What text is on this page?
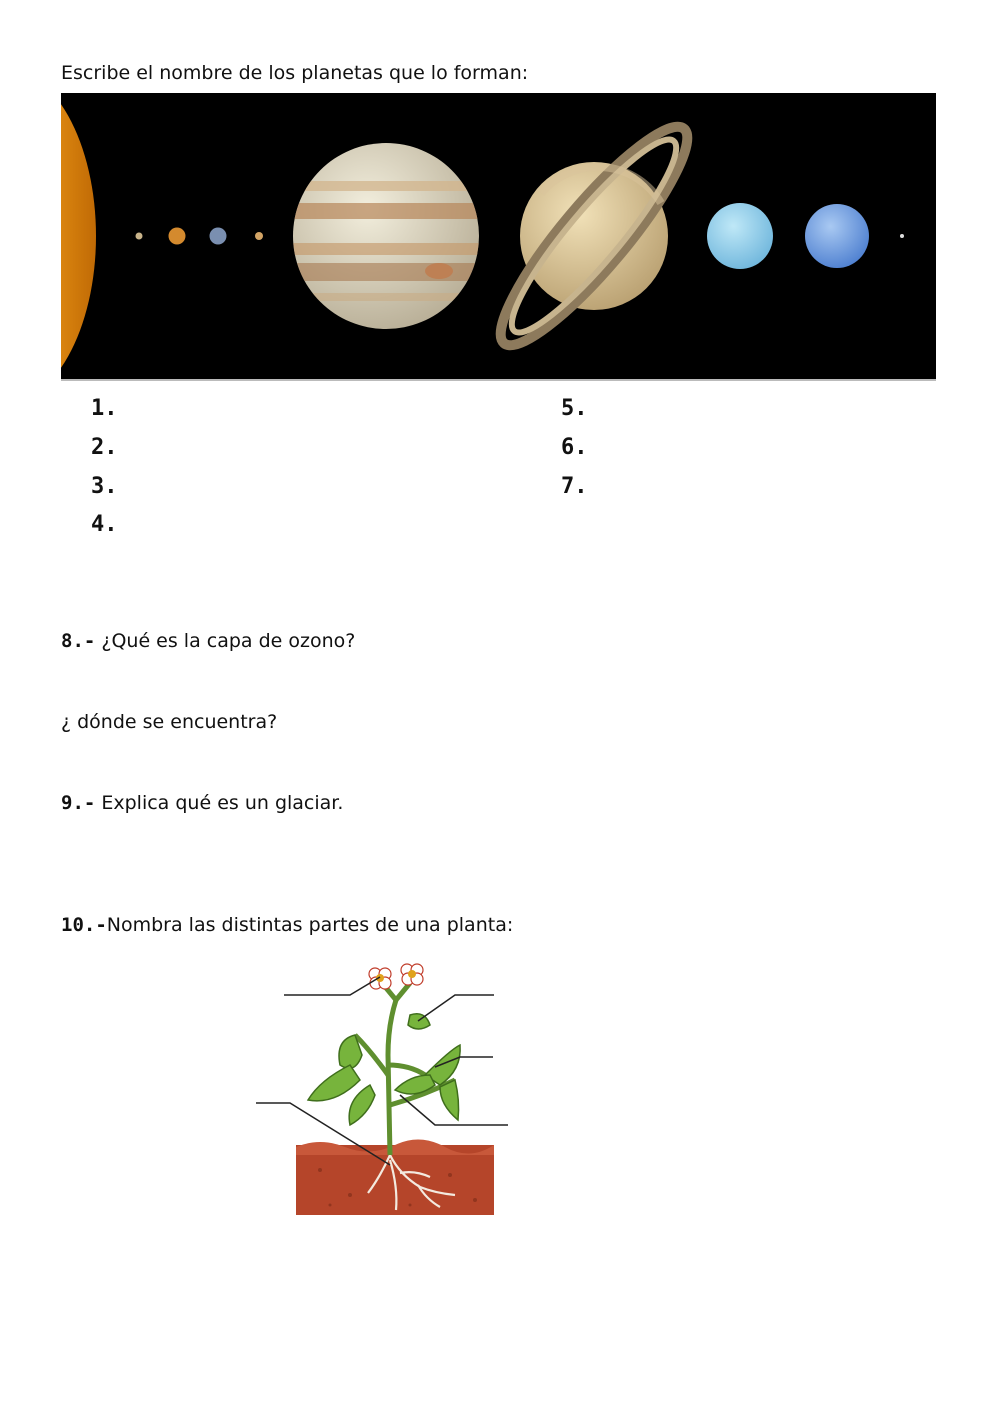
Escribe el nombre de los planetas que lo forman:
1.
2.
3.
4.
5.
6.
7.
8.- ¿Qué es la capa de ozono?
¿ dónde se encuentra?
9.- Explica qué es un glaciar.
10.-Nombra las distintas partes de una planta:
